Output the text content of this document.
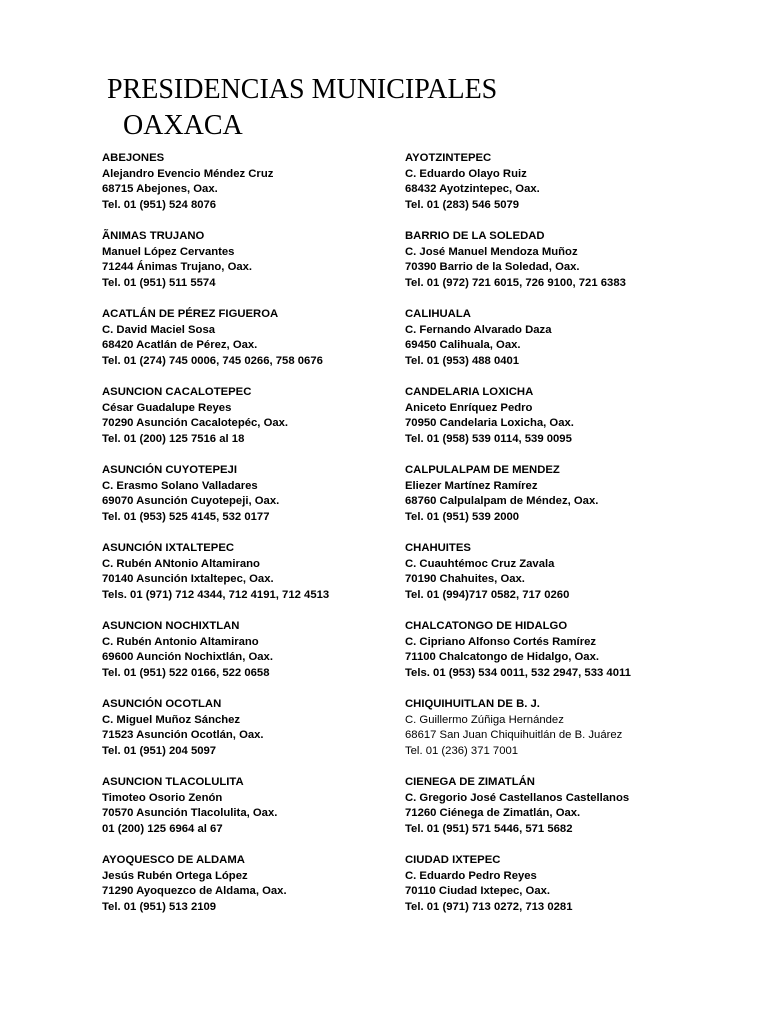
PRESIDENCIAS MUNICIPALES
OAXACA
ABEJONES
Alejandro Evencio Méndez Cruz
68715 Abejones, Oax.
Tel. 01 (951) 524 8076
ÃNIMAS TRUJANO
Manuel López Cervantes
71244 Ánimas Trujano, Oax.
Tel. 01 (951) 511 5574
ACATLÁN DE PÉREZ FIGUEROA
C. David Maciel Sosa
68420 Acatlán de Pérez, Oax.
Tel. 01 (274) 745 0006, 745 0266, 758 0676
ASUNCION CACALOTEPEC
César Guadalupe Reyes
70290 Asunción Cacalotepéc, Oax.
Tel. 01 (200) 125 7516 al 18
ASUNCIÓN CUYOTEPEJI
C. Erasmo Solano Valladares
69070 Asunción Cuyotepeji, Oax.
Tel. 01 (953) 525 4145, 532 0177
ASUNCIÓN IXTALTEPEC
C. Rubén ANtonio Altamirano
70140 Asunción Ixtaltepec, Oax.
Tels. 01 (971) 712 4344, 712 4191, 712 4513
ASUNCION NOCHIXTLAN
C. Rubén Antonio Altamirano
69600 Aunción Nochixtlán, Oax.
Tel. 01 (951) 522 0166, 522 0658
ASUNCIÓN OCOTLAN
C. Miguel Muñoz Sánchez
71523 Asunción Ocotlán, Oax.
Tel. 01 (951) 204 5097
ASUNCION TLACOLULITA
Timoteo Osorio Zenón
70570 Asunción Tlacolulita, Oax.
01 (200) 125 6964 al 67
AYOQUESCO DE ALDAMA
Jesús Rubén Ortega López
71290 Ayoquezco de Aldama, Oax.
Tel. 01 (951) 513 2109
AYOTZINTEPEC
C. Eduardo Olayo Ruiz
68432 Ayotzintepec, Oax.
Tel. 01 (283) 546 5079
BARRIO DE LA SOLEDAD
C. José Manuel Mendoza Muñoz
70390 Barrio de la Soledad, Oax.
Tel. 01 (972) 721 6015, 726 9100, 721 6383
CALIHUALA
C. Fernando Alvarado Daza
69450 Calihuala, Oax.
Tel. 01 (953) 488 0401
CANDELARIA LOXICHA
Aniceto Enríquez Pedro
70950 Candelaria Loxicha, Oax.
Tel. 01 (958) 539 0114, 539 0095
CALPULALPAM DE MENDEZ
Eliezer Martínez Ramírez
68760 Calpulalpam de Méndez, Oax.
Tel. 01 (951) 539 2000
CHAHUITES
C. Cuauhtémoc Cruz Zavala
70190 Chahuites, Oax.
Tel. 01 (994)717 0582, 717 0260
CHALCATONGO DE HIDALGO
C. Cipriano Alfonso Cortés Ramírez
71100 Chalcatongo de Hidalgo, Oax.
Tels. 01 (953) 534 0011, 532 2947, 533 4011
CHIQUIHUITLAN DE B. J.
C. Guillermo Zúñiga Hernández
68617 San Juan Chiquihuitlán de B. Juárez
Tel. 01 (236) 371 7001
CIENEGA DE ZIMATLÁN
C. Gregorio José Castellanos Castellanos
71260 Ciénega de Zimatlán, Oax.
Tel. 01 (951) 571 5446, 571 5682
CIUDAD IXTEPEC
C. Eduardo Pedro Reyes
70110 Ciudad Ixtepec, Oax.
Tel. 01 (971) 713 0272, 713 0281
